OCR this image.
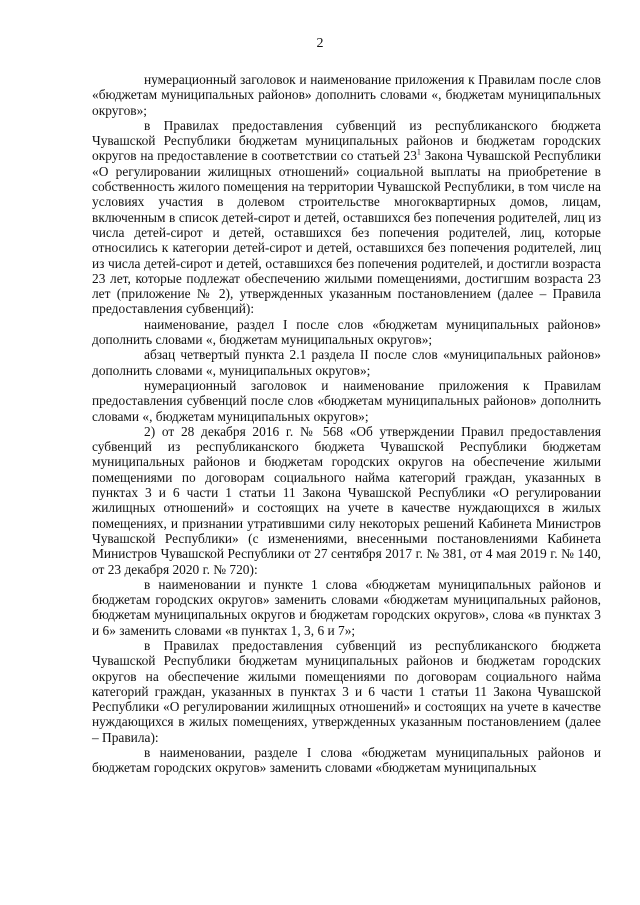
2

нумерационный заголовок и наименование приложения к Правилам после слов «бюджетам муниципальных районов» дополнить словами «, бюджетам муниципальных округов»;

в Правилах предоставления субвенций из республиканского бюджета Чувашской Республики бюджетам муниципальных районов и бюджетам городских округов на предоставление в соответствии со статьей $23^1$ Закона Чувашской Республики «О регулировании жилищных отношений» социальной выплаты на приобретение в собственность жилого помещения на территории Чувашской Республики, в том числе на условиях участия в долевом строительстве многоквартирных домов, лицам, включенным в список детей-сирот и детей, оставшихся без попечения родителей, лиц из числа детей-сирот и детей, оставшихся без попечения родителей, лиц, которые относились к категории детей-сирот и детей, оставшихся без попечения родителей, лиц из числа детей-сирот и детей, оставшихся без попечения родителей, и достигли возраста 23 лет, которые подлежат обеспечению жилыми помещениями, достигшим возраста 23 лет (приложение № 2), утвержденных указанным постановлением (далее – Правила предоставления субвенций):

наименование, раздел I после слов «бюджетам муниципальных районов» дополнить словами «, бюджетам муниципальных округов»;

абзац четвертый пункта 2.1 раздела II после слов «муниципальных районов» дополнить словами «, муниципальных округов»;

нумерационный заголовок и наименование приложения к Правилам предоставления субвенций после слов «бюджетам муниципальных районов» дополнить словами «, бюджетам муниципальных округов»;

2) от 28 декабря 2016 г. № 568 «Об утверждении Правил предоставления субвенций из республиканского бюджета Чувашской Республики бюджетам муниципальных районов и бюджетам городских округов на обеспечение жилыми помещениями по договорам социального найма категорий граждан, указанных в пунктах 3 и 6 части 1 статьи 11 Закона Чувашской Республики «О регулировании жилищных отношений» и состоящих на учете в качестве нуждающихся в жилых помещениях, и признании утратившими силу некоторых решений Кабинета Министров Чувашской Республики» (с изменениями, внесенными постановлениями Кабинета Министров Чувашской Республики от 27 сентября 2017 г. № 381, от 4 мая 2019 г. № 140, от 23 декабря 2020 г. № 720):

в наименовании и пункте 1 слова «бюджетам муниципальных районов и бюджетам городских округов» заменить словами «бюджетам муниципальных районов, бюджетам муниципальных округов и бюджетам городских округов», слова «в пунктах 3 и 6» заменить словами «в пунктах 1, 3, 6 и 7»;

в Правилах предоставления субвенций из республиканского бюджета Чувашской Республики бюджетам муниципальных районов и бюджетам городских округов на обеспечение жилыми помещениями по договорам социального найма категорий граждан, указанных в пунктах 3 и 6 части 1 статьи 11 Закона Чувашской Республики «О регулировании жилищных отношений» и состоящих на учете в качестве нуждающихся в жилых помещениях, утвержденных указанным постановлением (далее – Правила):

в наименовании, разделе I слова «бюджетам муниципальных районов и бюджетам городских округов» заменить словами «бюджетам муниципальных
